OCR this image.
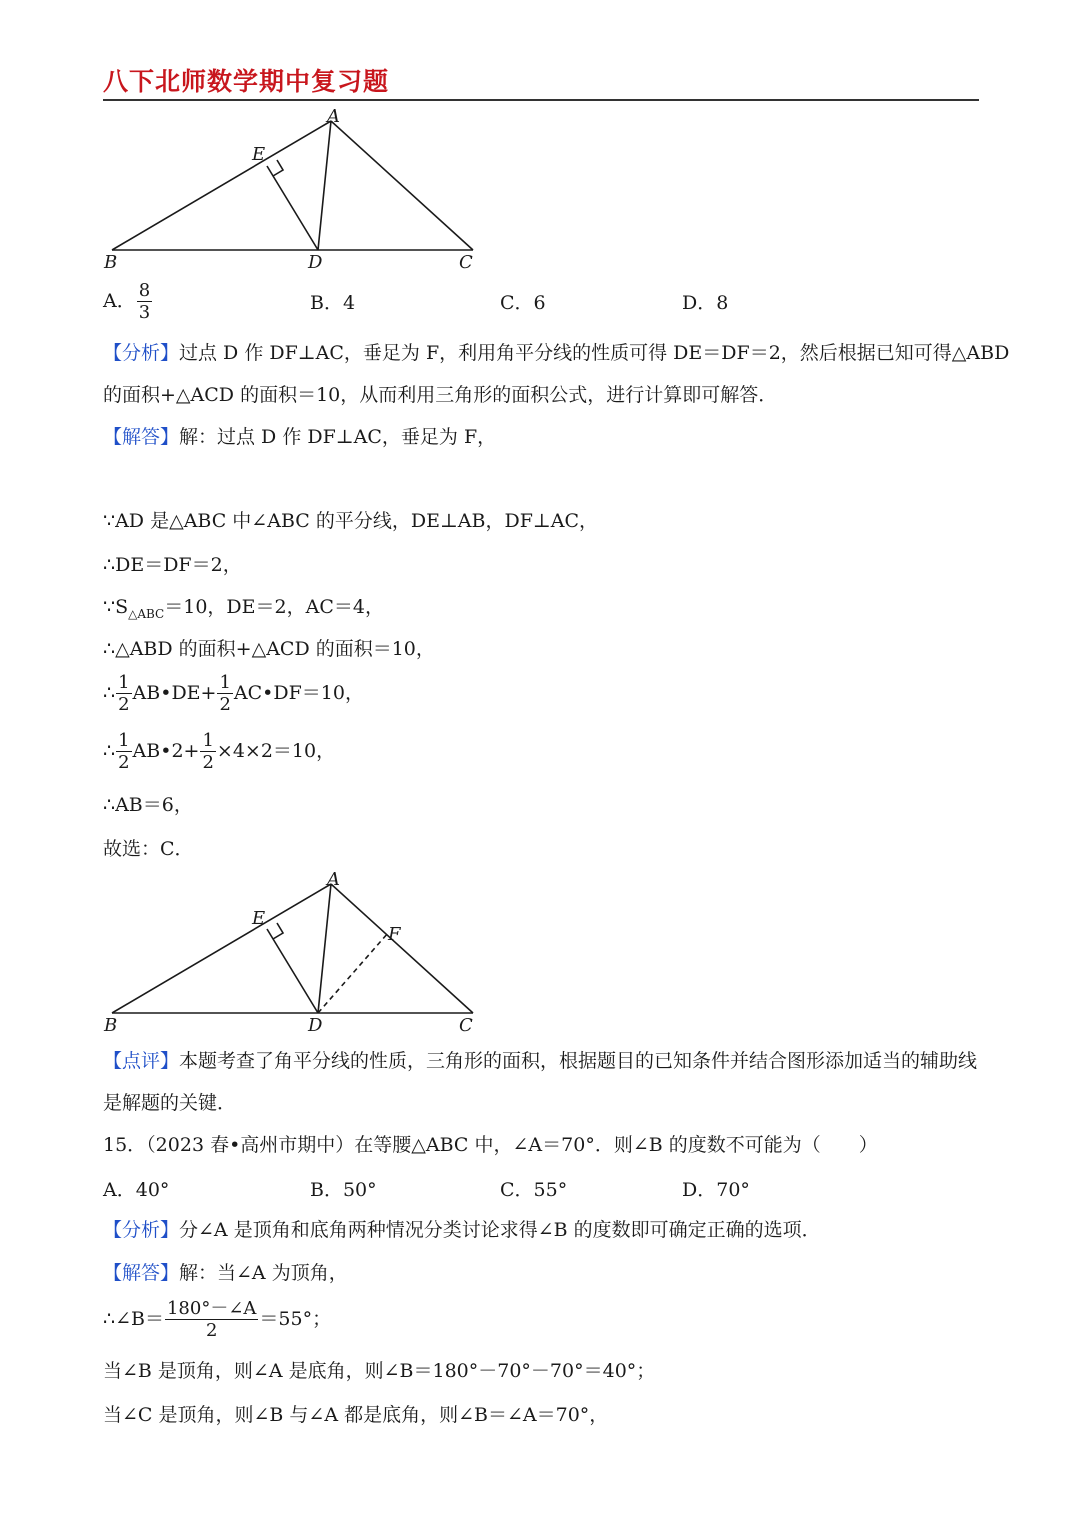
八下北师数学期中复习题
A
E
B	D	C
A． $\frac{8}{3}$	B．4	C．6	D．8
【分析】过点 D 作 DF⊥AC，垂足为 F，利用角平分线的性质可得 DE＝DF＝2，然后根据已知可得△ABD
的面积+△ACD 的面积＝10，从而利用三角形的面积公式，进行计算即可解答．
【解答】解：过点 D 作 DF⊥AC，垂足为 F，
∵AD 是△ABC 中∠ABC 的平分线，DE⊥AB，DF⊥AC，
∴DE＝DF＝2，
$\because S_{\triangle ABC}=10$，DE＝2，AC＝4，
∴△ABD 的面积+△ACD 的面积＝10，
∴ $\frac{1}{2}$ AB•DE+ $\frac{1}{2}$ AC•DF＝10，
∴ $\frac{1}{2}$ AB•2+ $\frac{1}{2} \times 4\times 2=10$，
∴AB＝6，
故选：C．
A
E
F
B	D	C
【点评】本题考查了角平分线的性质，三角形的面积，根据题目的已知条件并结合图形添加适当的辅助线
是解题的关键．
15．（2023 春•高州市期中）在等腰△ABC 中，∠A＝70°．则∠B 的度数不可能为（　　）
A．40°	B．50°	C．55°	D．70°
【分析】分∠A 是顶角和底角两种情况分类讨论求得∠B 的度数即可确定正确的选项．
【解答】解：当∠A 为顶角，
∴∠B＝ $\frac{180^\circ-\angle A}{2} =55^\circ$；
当∠B 是顶角，则∠A 是底角，则∠B＝180°－70°－70°＝40°；
当∠C 是顶角，则∠B 与∠A 都是底角，则∠B＝∠A＝70°，
